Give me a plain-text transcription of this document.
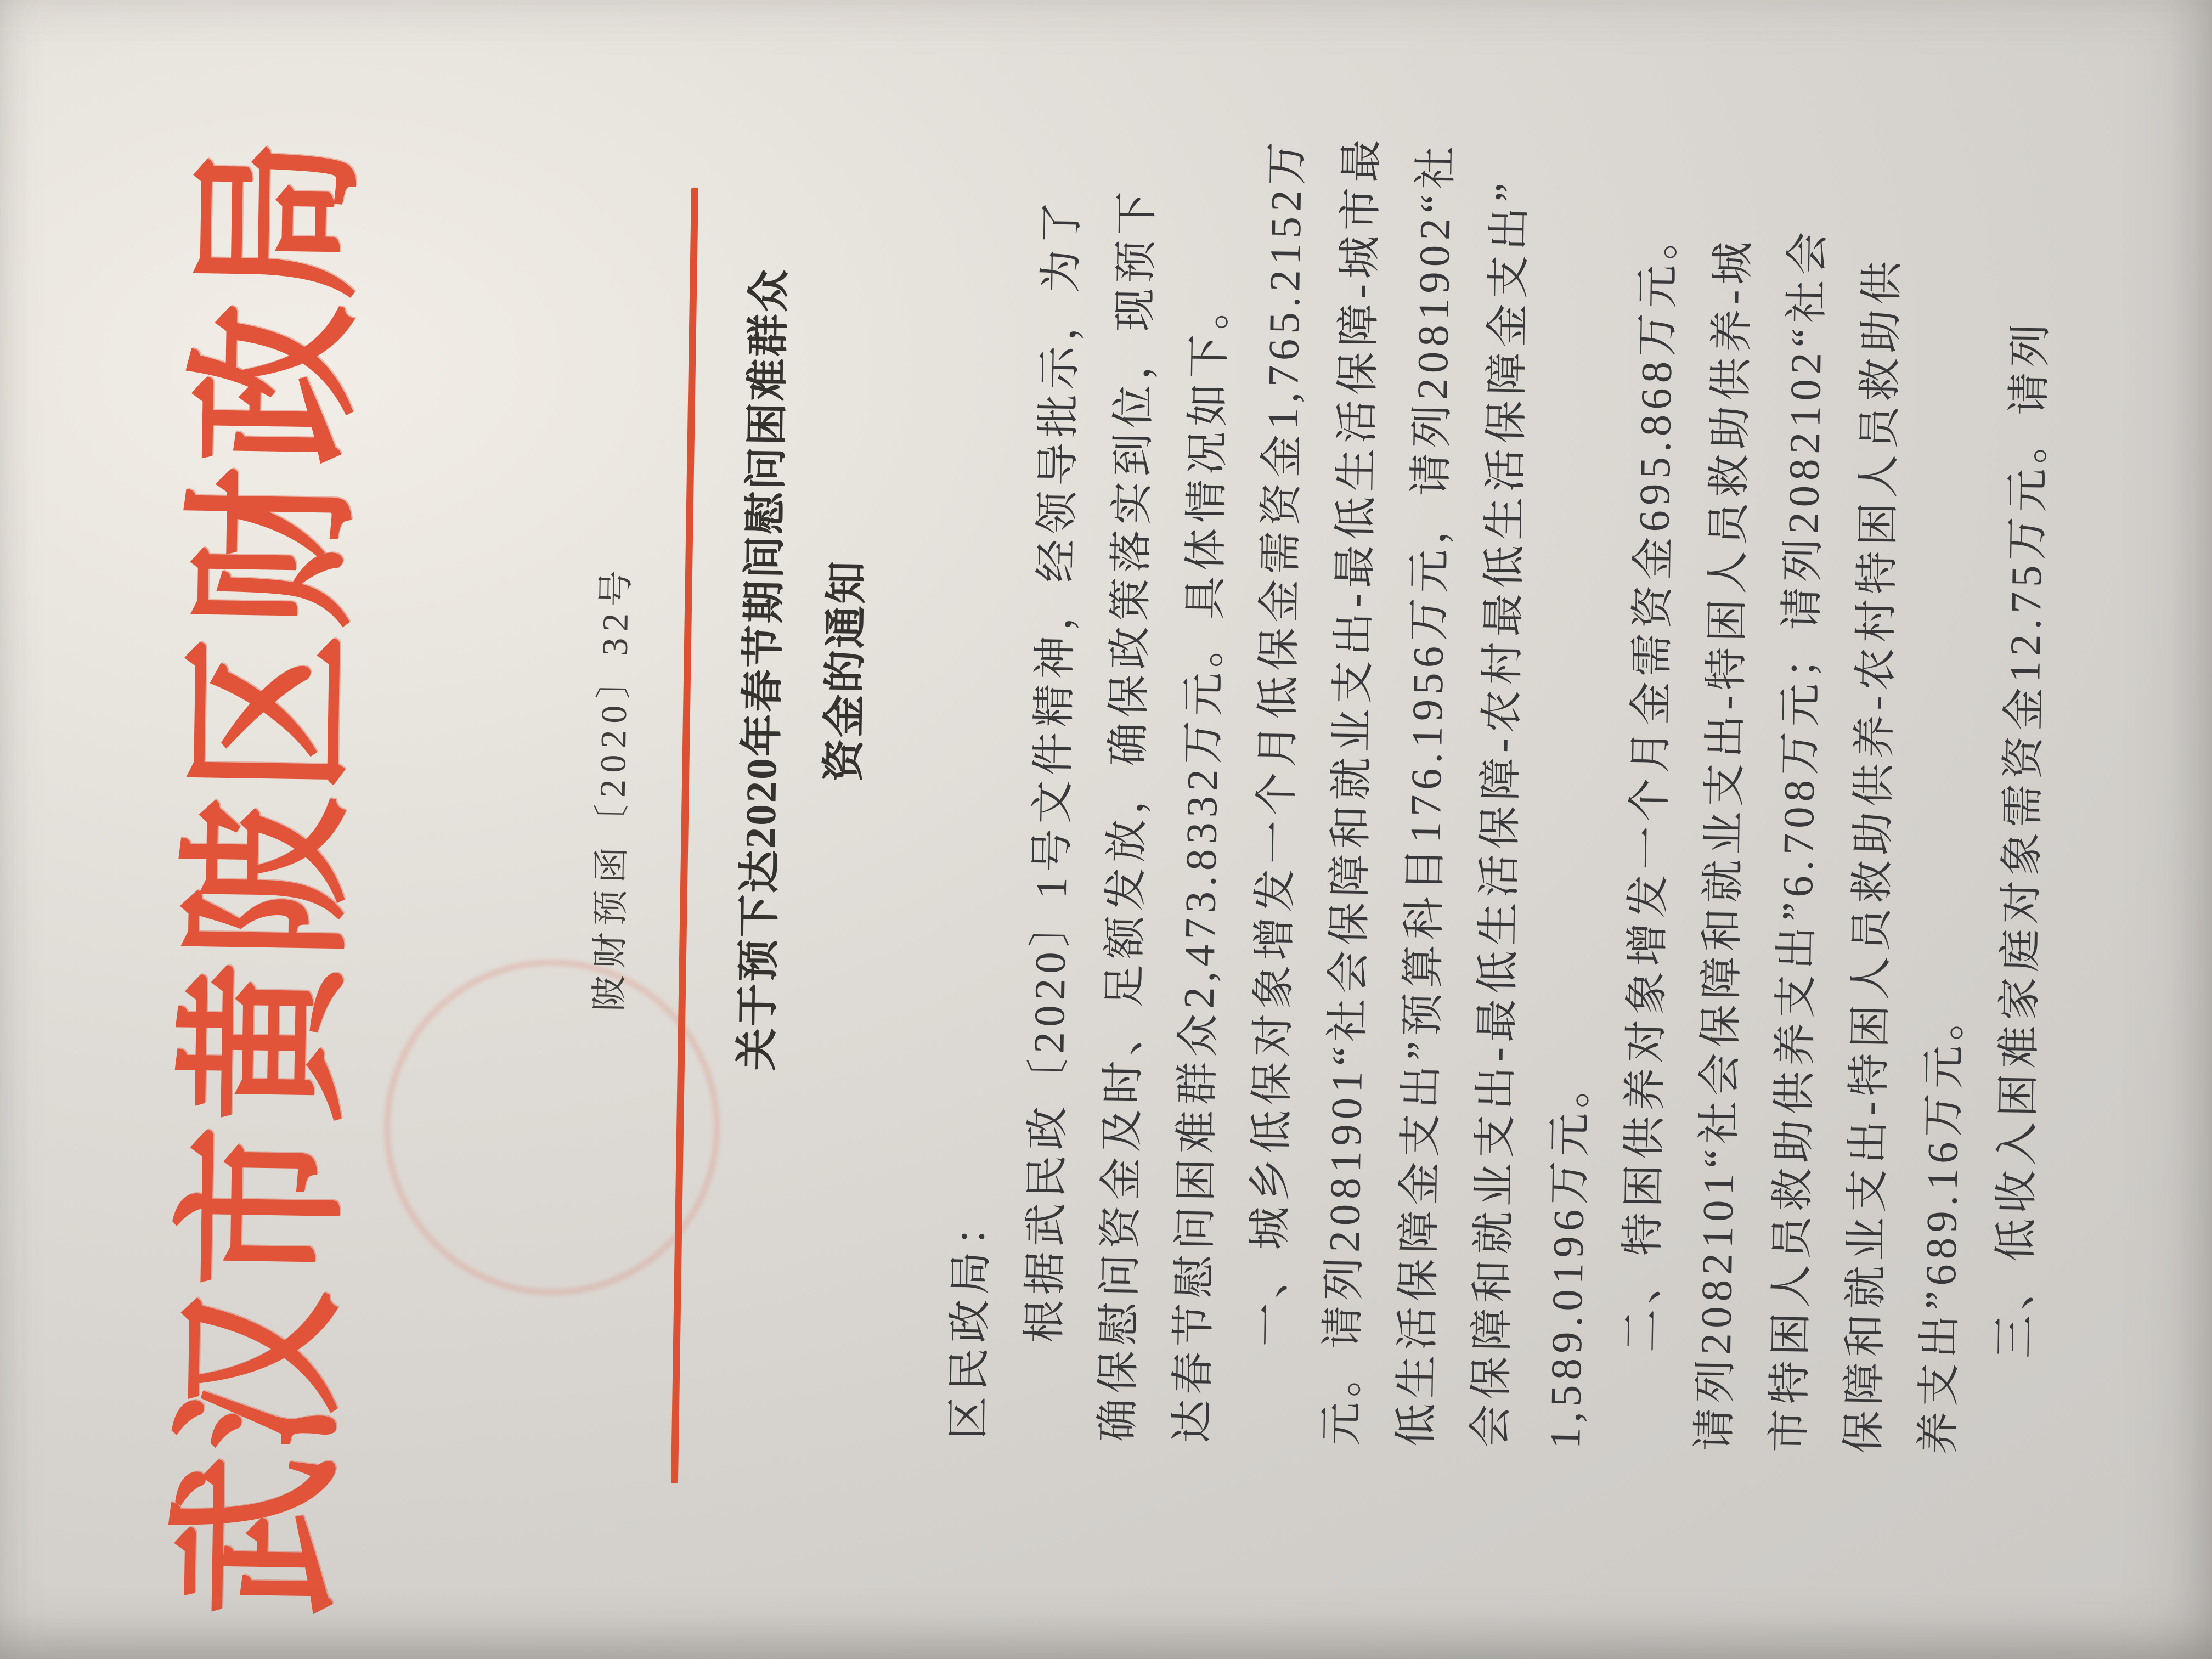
武汉市黄陂区财政局	陂财预函〔2020〕32号	关于预下达2020年春节期间慰问困难群众 资金的通知
区民政局： 根据武民政〔2020〕1号文件精神，经领导批示，为了 确保慰问资金及时、足额发放，确保政策落实到位，现预下 达春节慰问困难群众2,473.8332万元。具体情况如下。 一、城乡低保对象增发一个月低保金需资金1,765.2152万 元。请列2081901“社会保障和就业支出-最低生活保障-城市最 低生活保障金支出”预算科目176.1956万元，请列2081902“社 会保障和就业支出-最低生活保障-农村最低生活保障金支出” 1,589.0196万元。 二、特困供养对象增发一个月金需资金695.868万元。 请列2082101“社会保障和就业支出-特困人员救助供养-城 市特困人员救助供养支出”6.708万元；请列2082102“社会 保障和就业支出-特困人员救助供养-农村特困人员救助供 养支出”689.16万元。 三、低收入困难家庭对象需资金12.75万元。请列
